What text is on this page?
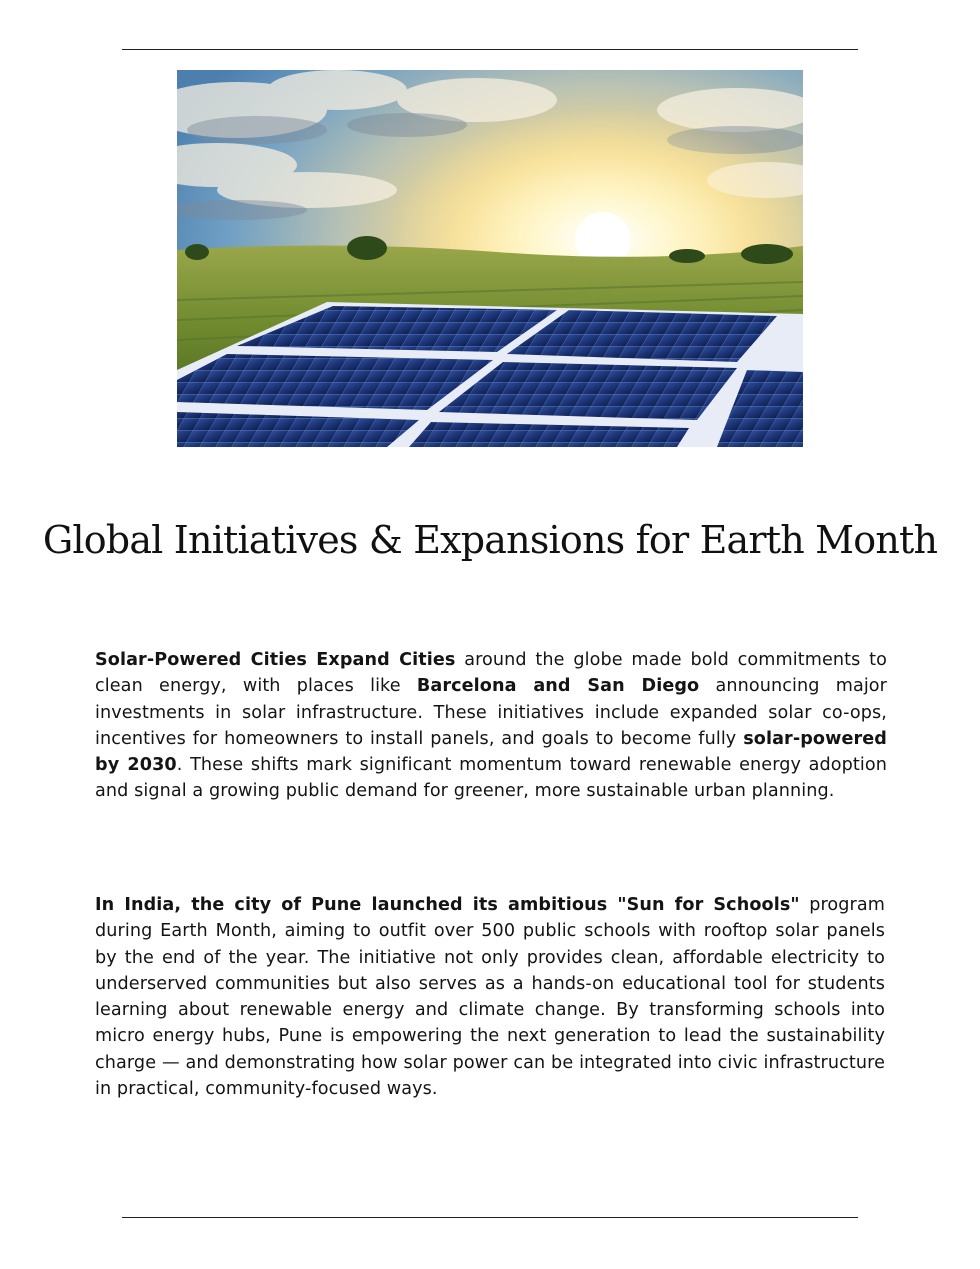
Global Initiatives & Expansions for Earth Month

Solar-Powered Cities Expand Cities around the globe made bold commitments to clean energy, with places like Barcelona and San Diego announcing major investments in solar infrastructure. These initiatives include expanded solar co-ops, incentives for homeowners to install panels, and goals to become fully solar-powered by 2030. These shifts mark significant momentum toward renewable energy adoption and signal a growing public demand for greener, more sustainable urban planning.

In India, the city of Pune launched its ambitious "Sun for Schools" program during Earth Month, aiming to outfit over 500 public schools with rooftop solar panels by the end of the year. The initiative not only provides clean, affordable electricity to underserved communities but also serves as a hands-on educational tool for students learning about renewable energy and climate change. By transforming schools into micro energy hubs, Pune is empowering the next generation to lead the sustainability charge — and demonstrating how solar power can be integrated into civic infrastructure in practical, community-focused ways.
